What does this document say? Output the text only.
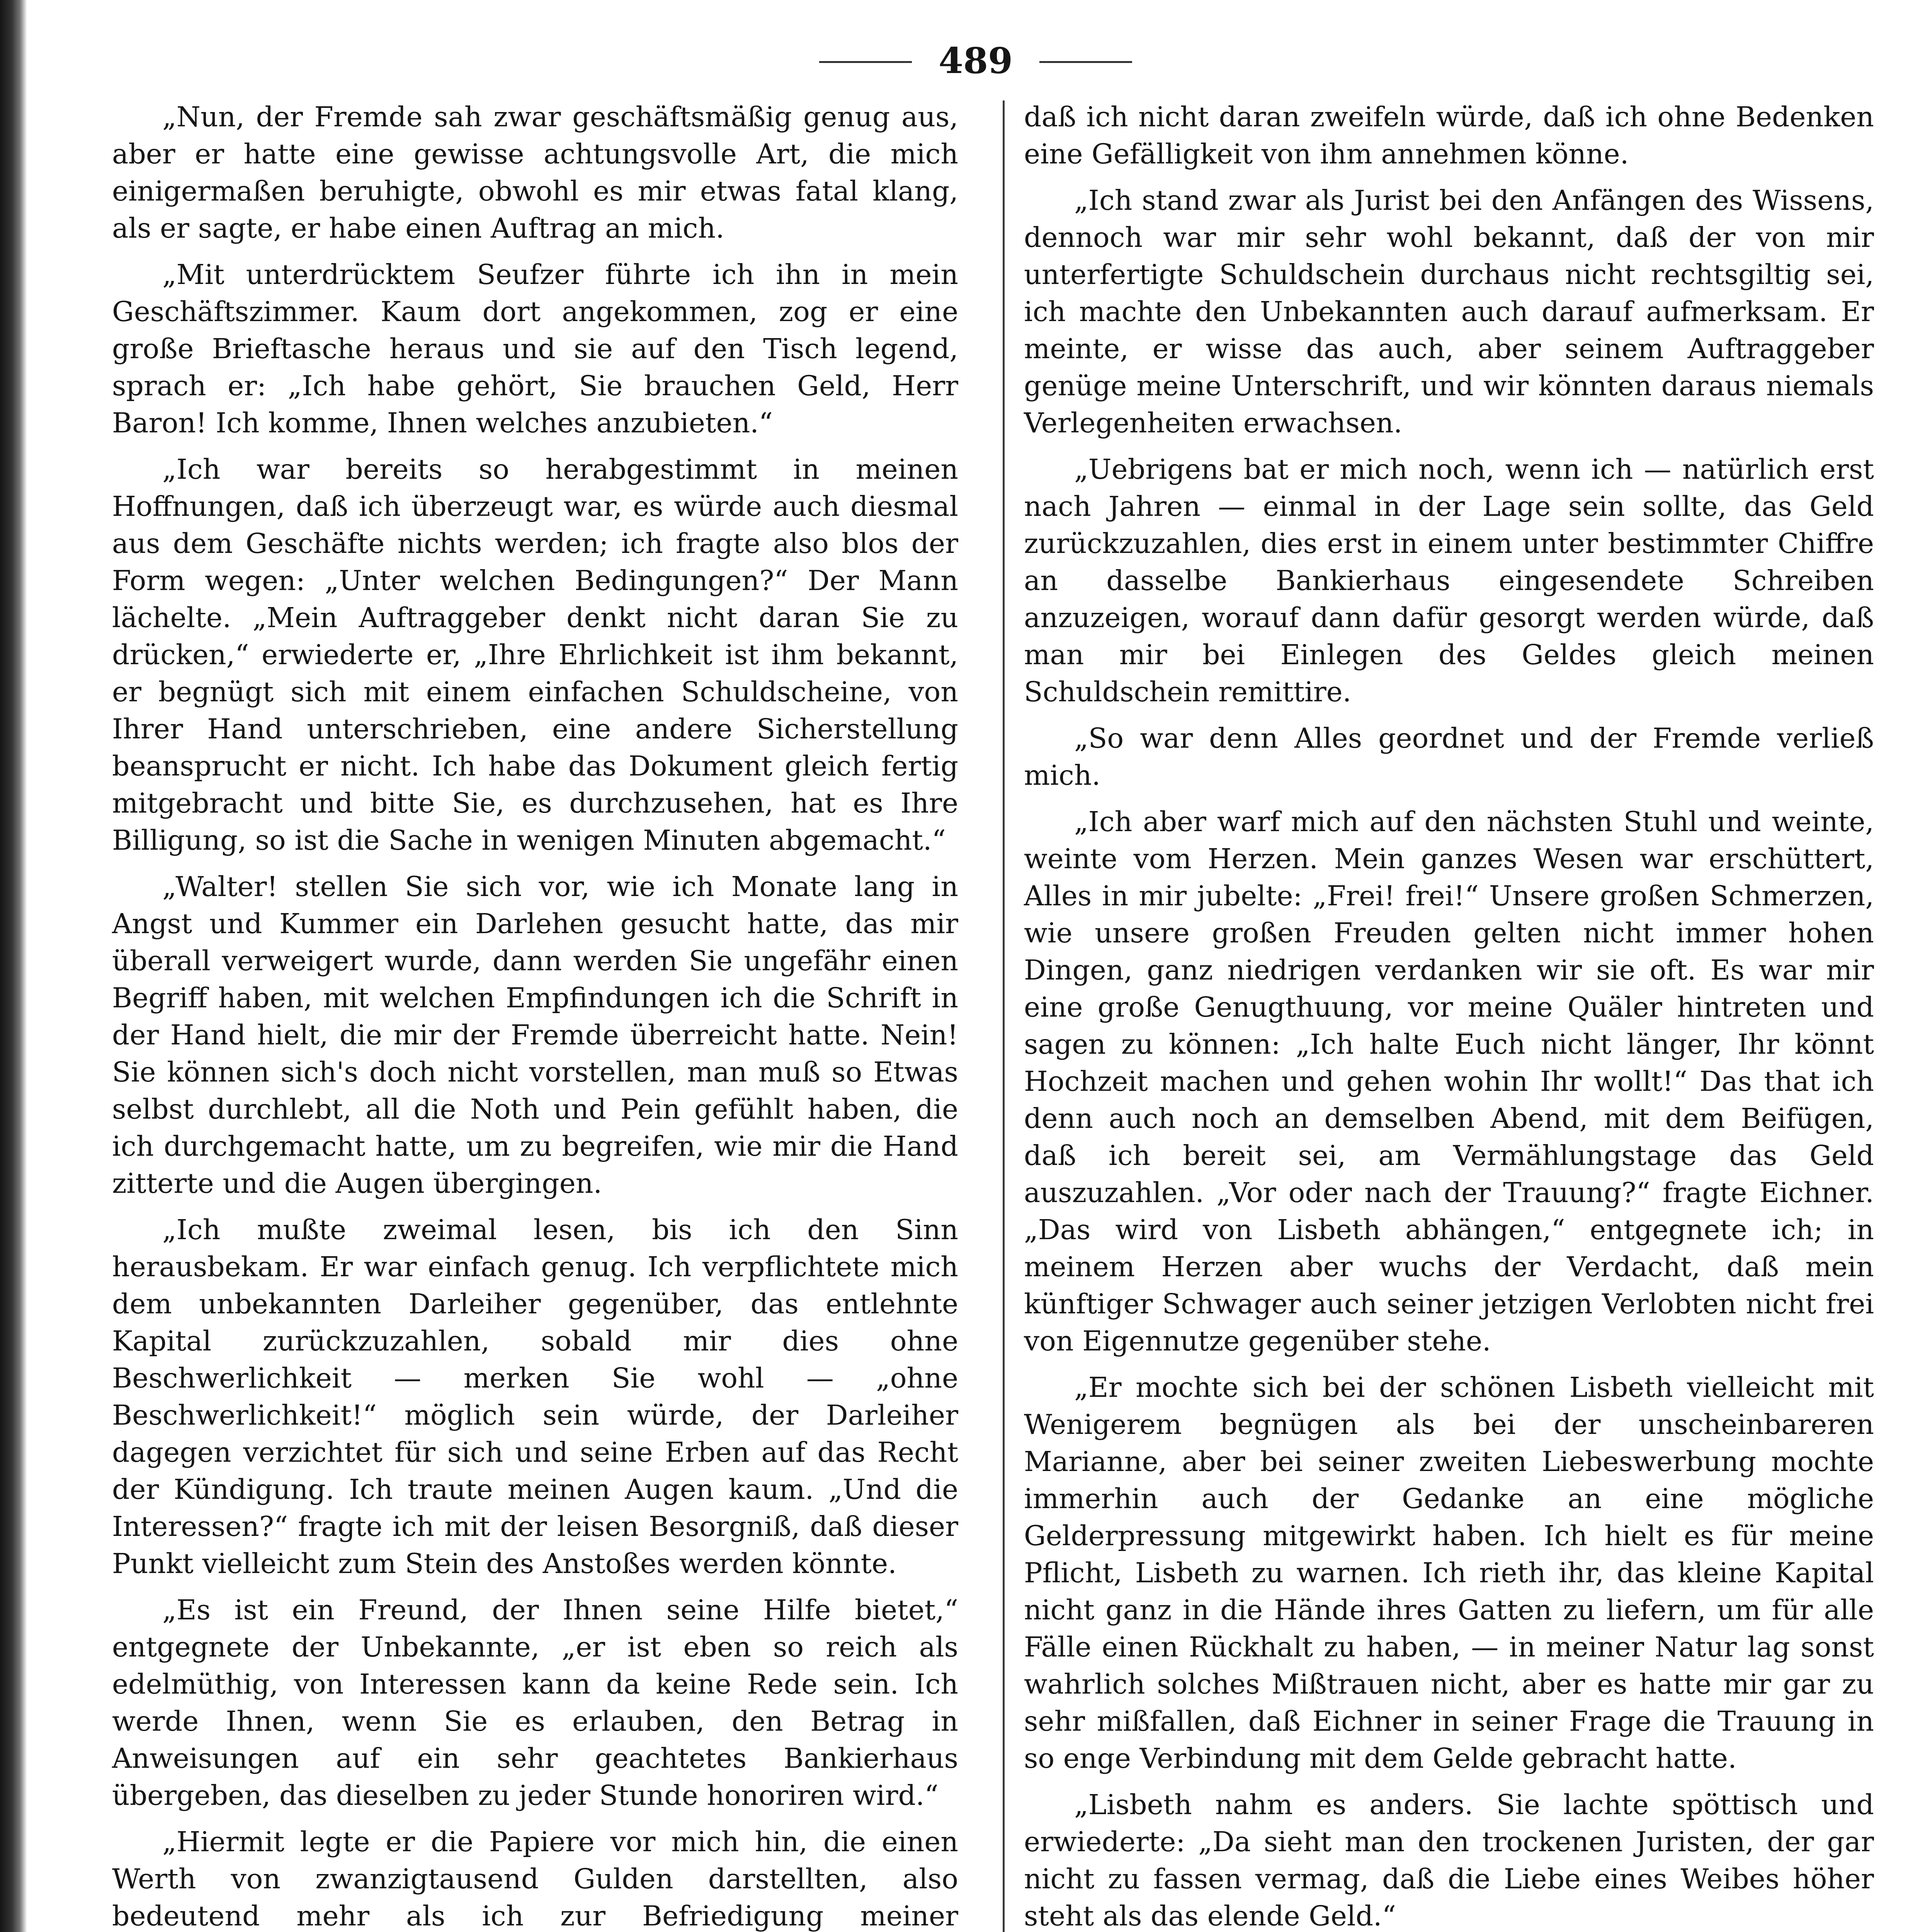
489

„Nun, der Fremde sah zwar geschäftsmäßig genug aus, aber er hatte eine gewisse achtungsvolle Art, die mich einigermaßen beruhigte, obwohl es mir etwas fatal klang, als er sagte, er habe einen Auftrag an mich.

„Mit unterdrücktem Seufzer führte ich ihn in mein Geschäftszimmer. Kaum dort angekommen, zog er eine große Brieftasche heraus und sie auf den Tisch legend, sprach er: „Ich habe gehört, Sie brauchen Geld, Herr Baron! Ich komme, Ihnen welches anzubieten.“

„Ich war bereits so herabgestimmt in meinen Hoffnungen, daß ich überzeugt war, es würde auch diesmal aus dem Geschäfte nichts werden; ich fragte also blos der Form wegen: „Unter welchen Bedingungen?“ Der Mann lächelte. „Mein Auftraggeber denkt nicht daran Sie zu drücken,“ erwiederte er, „Ihre Ehrlichkeit ist ihm bekannt, er begnügt sich mit einem einfachen Schuldscheine, von Ihrer Hand unterschrieben, eine andere Sicherstellung beansprucht er nicht. Ich habe das Dokument gleich fertig mitgebracht und bitte Sie, es durchzusehen, hat es Ihre Billigung, so ist die Sache in wenigen Minuten abgemacht.“

„Walter! stellen Sie sich vor, wie ich Monate lang in Angst und Kummer ein Darlehen gesucht hatte, das mir überall verweigert wurde, dann werden Sie ungefähr einen Begriff haben, mit welchen Empfindungen ich die Schrift in der Hand hielt, die mir der Fremde überreicht hatte. Nein! Sie können sich's doch nicht vorstellen, man muß so Etwas selbst durchlebt, all die Noth und Pein gefühlt haben, die ich durchgemacht hatte, um zu begreifen, wie mir die Hand zitterte und die Augen übergingen.

„Ich mußte zweimal lesen, bis ich den Sinn herausbekam. Er war einfach genug. Ich verpflichtete mich dem unbekannten Darleiher gegenüber, das entlehnte Kapital zurückzuzahlen, sobald mir dies ohne Beschwerlichkeit — merken Sie wohl — „ohne Beschwerlichkeit!“ möglich sein würde, der Darleiher dagegen verzichtet für sich und seine Erben auf das Recht der Kündigung. Ich traute meinen Augen kaum. „Und die Interessen?“ fragte ich mit der leisen Besorgniß, daß dieser Punkt vielleicht zum Stein des Anstoßes werden könnte.

„Es ist ein Freund, der Ihnen seine Hilfe bietet,“ entgegnete der Unbekannte, „er ist eben so reich als edelmüthig, von Interessen kann da keine Rede sein. Ich werde Ihnen, wenn Sie es erlauben, den Betrag in Anweisungen auf ein sehr geachtetes Bankierhaus übergeben, das dieselben zu jeder Stunde honoriren wird.“

„Hiermit legte er die Papiere vor mich hin, die einen Werth von zwanzigtausend Gulden darstellten, also bedeutend mehr als ich zur Befriedigung meiner

daß ich nicht daran zweifeln würde, daß ich ohne Bedenken eine Gefälligkeit von ihm annehmen könne.

„Ich stand zwar als Jurist bei den Anfängen des Wissens, dennoch war mir sehr wohl bekannt, daß der von mir unterfertigte Schuldschein durchaus nicht rechtsgiltig sei, ich machte den Unbekannten auch darauf aufmerksam. Er meinte, er wisse das auch, aber seinem Auftraggeber genüge meine Unterschrift, und wir könnten daraus niemals Verlegenheiten erwachsen.

„Uebrigens bat er mich noch, wenn ich — natürlich erst nach Jahren — einmal in der Lage sein sollte, das Geld zurückzuzahlen, dies erst in einem unter bestimmter Chiffre an dasselbe Bankierhaus eingesendete Schreiben anzuzeigen, worauf dann dafür gesorgt werden würde, daß man mir bei Einlegen des Geldes gleich meinen Schuldschein remittire.

„So war denn Alles geordnet und der Fremde verließ mich.

„Ich aber warf mich auf den nächsten Stuhl und weinte, weinte vom Herzen. Mein ganzes Wesen war erschüttert, Alles in mir jubelte: „Frei! frei!“ Unsere großen Schmerzen, wie unsere großen Freuden gelten nicht immer hohen Dingen, ganz niedrigen verdanken wir sie oft. Es war mir eine große Genugthuung, vor meine Quäler hintreten und sagen zu können: „Ich halte Euch nicht länger, Ihr könnt Hochzeit machen und gehen wohin Ihr wollt!“ Das that ich denn auch noch an demselben Abend, mit dem Beifügen, daß ich bereit sei, am Vermählungstage das Geld auszuzahlen. „Vor oder nach der Trauung?“ fragte Eichner. „Das wird von Lisbeth abhängen,“ entgegnete ich; in meinem Herzen aber wuchs der Verdacht, daß mein künftiger Schwager auch seiner jetzigen Verlobten nicht frei von Eigennutze gegenüber stehe.

„Er mochte sich bei der schönen Lisbeth vielleicht mit Wenigerem begnügen als bei der unscheinbareren Marianne, aber bei seiner zweiten Liebeswerbung mochte immerhin auch der Gedanke an eine mögliche Gelderpressung mitgewirkt haben. Ich hielt es für meine Pflicht, Lisbeth zu warnen. Ich rieth ihr, das kleine Kapital nicht ganz in die Hände ihres Gatten zu liefern, um für alle Fälle einen Rückhalt zu haben, — in meiner Natur lag sonst wahrlich solches Mißtrauen nicht, aber es hatte mir gar zu sehr mißfallen, daß Eichner in seiner Frage die Trauung in so enge Verbindung mit dem Gelde gebracht hatte.

„Lisbeth nahm es anders. Sie lachte spöttisch und erwiederte: „Da sieht man den trockenen Juristen, der gar nicht zu fassen vermag, daß die Liebe eines Weibes höher steht als das elende Geld.“
